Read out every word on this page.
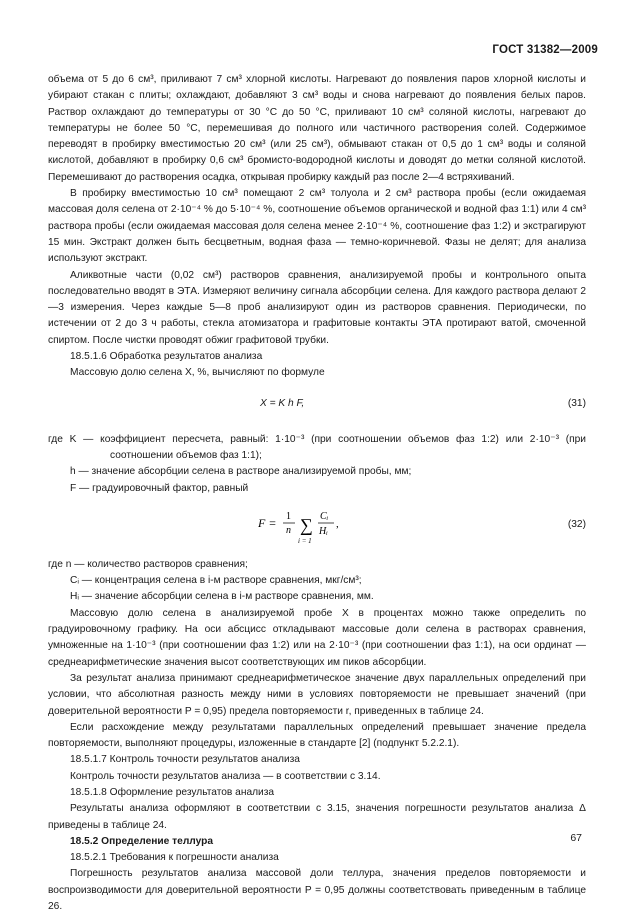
ГОСТ 31382—2009

объема от 5 до 6 см³, приливают 7 см³ хлорной кислоты. Нагревают до появления паров хлорной кислоты и убирают стакан с плиты; охлаждают, добавляют 3 см³ воды и снова нагревают до появления белых паров. Раствор охлаждают до температуры от 30 °С до 50 °С, приливают 10 см³ соляной кислоты, нагревают до температуры не более 50 °С, перемешивая до полного или частичного растворения солей. Содержимое переводят в пробирку вместимостью 20 см³ (или 25 см³), обмывают стакан от 0,5 до 1 см³ воды и соляной кислотой, добавляют в пробирку 0,6 см³ бромисто-водородной кислоты и доводят до метки соляной кислотой. Перемешивают до растворения осадка, открывая пробирку каждый раз после 2—4 встряхиваний.

В пробирку вместимостью 10 см³ помещают 2 см³ толуола и 2 см³ раствора пробы (если ожидаемая массовая доля селена от 2·10⁻⁴ % до 5·10⁻⁴ %, соотношение объемов органической и водной фаз 1:1) или 4 см³ раствора пробы (если ожидаемая массовая доля селена менее 2·10⁻⁴ %, соотношение фаз 1:2) и экстрагируют 15 мин. Экстракт должен быть бесцветным, водная фаза — темно-коричневой. Фазы не делят; для анализа используют экстракт.

Аликвотные части (0,02 см³) растворов сравнения, анализируемой пробы и контрольного опыта последовательно вводят в ЭТА. Измеряют величину сигнала абсорбции селена. Для каждого раствора делают 2—3 измерения. Через каждые 5—8 проб анализируют один из растворов сравнения. Периодически, по истечении от 2 до 3 ч работы, стекла атомизатора и графитовые контакты ЭТА протирают ватой, смоченной спиртом. После чистки проводят обжиг графитовой трубки.

18.5.1.6 Обработка результатов анализа

Массовую долю селена X, %, вычисляют по формуле

X = K h F,	(31)

где K — коэффициент пересчета, равный: 1·10⁻³ (при соотношении объемов фаз 1:2) или 2·10⁻³ (при соотношении объемов фаз 1:1);

h — значение абсорбции селена в растворе анализируемой пробы, мм;

F — градуировочный фактор, равный

F = 1
n ∑
i = 1
Cᵢ
Hᵢ
,	(32)

где n — количество растворов сравнения;

Cᵢ — концентрация селена в i-м растворе сравнения, мкг/см³;

Hᵢ — значение абсорбции селена в i-м растворе сравнения, мм.

Массовую долю селена в анализируемой пробе X в процентах можно также определить по градуировочному графику. На оси абсцисс откладывают массовые доли селена в растворах сравнения, умноженные на 1·10⁻³ (при соотношении фаз 1:2) или на 2·10⁻³ (при соотношении фаз 1:1), на оси ординат — среднеарифметические значения высот соответствующих им пиков абсорбции.

За результат анализа принимают среднеарифметическое значение двух параллельных определений при условии, что абсолютная разность между ними в условиях повторяемости не превышает значений (при доверительной вероятности P = 0,95) предела повторяемости r, приведенных в таблице 24.

Если расхождение между результатами параллельных определений превышает значение предела повторяемости, выполняют процедуры, изложенные в стандарте [2] (подпункт 5.2.2.1).

18.5.1.7 Контроль точности результатов анализа

Контроль точности результатов анализа — в соответствии с 3.14.

18.5.1.8 Оформление результатов анализа

Результаты анализа оформляют в соответствии с 3.15, значения погрешности результатов анализа Δ приведены в таблице 24.

18.5.2 Определение теллура

18.5.2.1 Требования к погрешности анализа

Погрешность результатов анализа массовой доли теллура, значения пределов повторяемости и воспроизводимости для доверительной вероятности P = 0,95 должны соответствовать приведенным в таблице 26.

67
